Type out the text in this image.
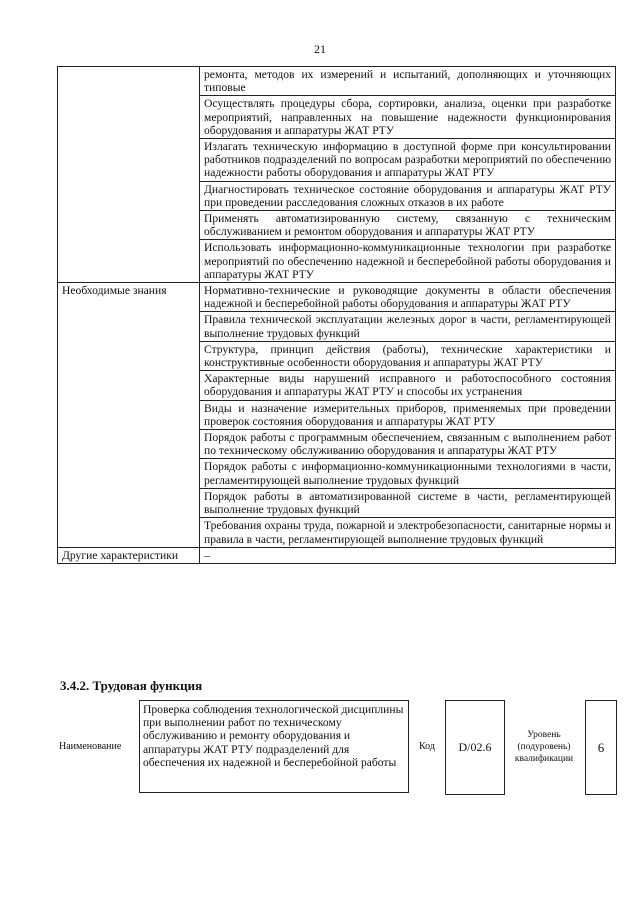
21
	ремонта, методов их измерений и испытаний, дополняющих и уточняющих типовые
	Осуществлять процедуры сбора, сортировки, анализа, оценки при разработке мероприятий, направленных на повышение надежности функционирования оборудования и аппаратуры ЖАТ РТУ
	Излагать техническую информацию в доступной форме при консультировании работников подразделений по вопросам разработки мероприятий по обеспечению надежности работы оборудования и аппаратуры ЖАТ РТУ
	Диагностировать техническое состояние оборудования и аппаратуры ЖАТ РТУ при проведении расследования сложных отказов в их работе
	Применять автоматизированную систему, связанную с техническим обслуживанием и ремонтом оборудования и аппаратуры ЖАТ РТУ
	Использовать информационно-коммуникационные технологии при разработке мероприятий по обеспечению надежной и бесперебойной работы оборудования и аппаратуры ЖАТ РТУ
Необходимые знания	Нормативно-технические и руководящие документы в области обеспечения надежной и бесперебойной работы оборудования и аппаратуры ЖАТ РТУ
	Правила технической эксплуатации железных дорог в части, регламентирующей выполнение трудовых функций
	Структура, принцип действия (работы), технические характеристики и конструктивные особенности оборудования и аппаратуры ЖАТ РТУ
	Характерные виды нарушений исправного и работоспособного состояния оборудования и аппаратуры ЖАТ РТУ и способы их устранения
	Виды и назначение измерительных приборов, применяемых при проведении проверок состояния оборудования и аппаратуры ЖАТ РТУ
	Порядок работы с программным обеспечением, связанным с выполнением работ по техническому обслуживанию оборудования и аппаратуры ЖАТ РТУ
	Порядок работы с информационно-коммуникационными технологиями в части, регламентирующей выполнение трудовых функций
	Порядок работы в автоматизированной системе в части, регламентирующей выполнение трудовых функций
	Требования охраны труда, пожарной и электробезопасности, санитарные нормы и правила в части, регламентирующей выполнение трудовых функций
Другие характеристики	–
3.4.2. Трудовая функция
Наименование
Проверка соблюдения технологической дисциплины при выполнении работ по техническому обслуживанию и ремонту оборудования и аппаратуры ЖАТ РТУ подразделений для обеспечения их надежной и бесперебойной работы
Код	D/02.6
Уровень (подуровень) квалификации
6
